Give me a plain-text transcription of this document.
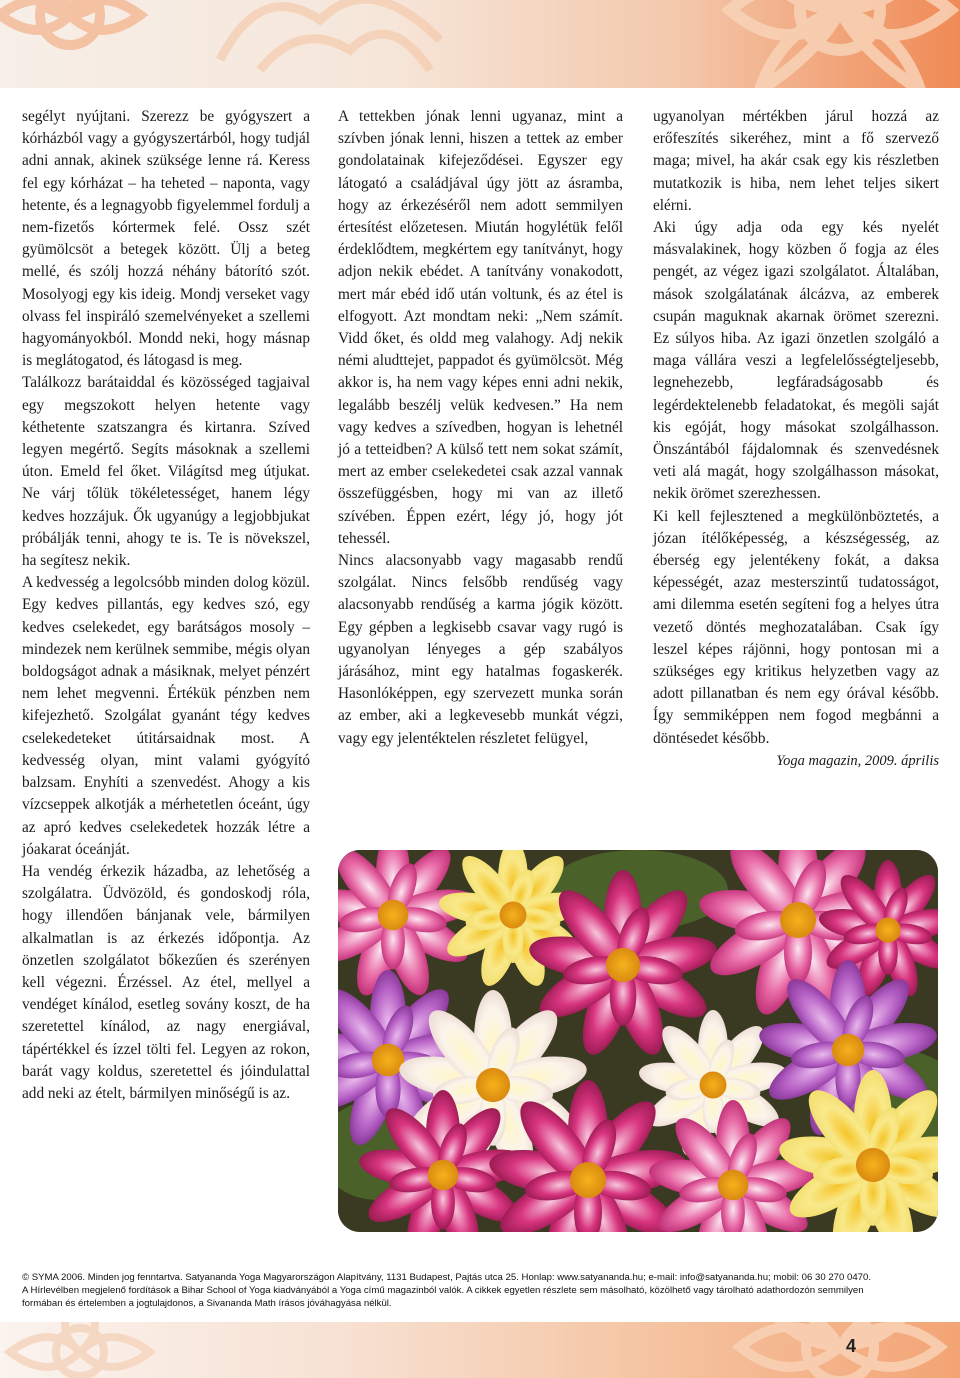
segélyt nyújtani. Szerezz be gyógyszert a kórházból vagy a gyógyszertárból, hogy tudjál adni annak, akinek szüksége lenne rá. Keress fel egy kórházat – ha teheted – naponta, vagy hetente, és a legnagyobb figyelemmel fordulj a nem-fizetős kórtermek felé. Ossz szét gyümölcsöt a betegek között. Ülj a beteg mellé, és szólj hozzá néhány bátorító szót. Mosolyogj egy kis ideig. Mondj verseket vagy olvass fel inspiráló szemelvényeket a szellemi hagyományokból. Mondd neki, hogy másnap is meglátogatod, és látogasd is meg.

Találkozz barátaiddal és közösséged tagjaival egy megszokott helyen hetente vagy kéthetente szatszangra és kirtanra. Szíved legyen megértő. Segíts másoknak a szellemi úton. Emeld fel őket. Világítsd meg útjukat. Ne várj tőlük tökéletességet, hanem légy kedves hozzájuk. Ők ugyanúgy a legjobbjukat próbálják tenni, ahogy te is. Te is növekszel, ha segítesz nekik.

A kedvesség a legolcsóbb minden dolog közül. Egy kedves pillantás, egy kedves szó, egy kedves cselekedet, egy barátságos mosoly – mindezek nem kerülnek semmibe, mégis olyan boldogságot adnak a másiknak, melyet pénzért nem lehet megvenni. Értékük pénzben nem kifejezhető. Szolgálat gyanánt tégy kedves cselekedeteket útitársaidnak most. A kedvesség olyan, mint valami gyógyító balzsam. Enyhíti a szenvedést. Ahogy a kis vízcseppek alkotják a mérhetetlen óceánt, úgy az apró kedves cselekedetek hozzák létre a jóakarat óceánját.

Ha vendég érkezik házadba, az lehetőség a szolgálatra. Üdvözöld, és gondoskodj róla, hogy illendően bánjanak vele, bármilyen alkalmatlan is az érkezés időpontja. Az önzetlen szolgálatot bőkezűen és szerényen kell végezni. Érzéssel. Az étel, mellyel a vendéget kínálod, esetleg sovány koszt, de ha szeretettel kínálod, az nagy energiával, tápértékkel és ízzel tölti fel. Legyen az rokon, barát vagy koldus, szeretettel és jóindulattal add neki az ételt, bármilyen minőségű is az.

A tettekben jónak lenni ugyanaz, mint a szívben jónak lenni, hiszen a tettek az ember gondolatainak kifejeződései. Egyszer egy látogató a családjával úgy jött az ásramba, hogy az érkezéséről nem adott semmilyen értesítést előzetesen. Miután hogylétük felől érdeklődtem, megkértem egy tanítványt, hogy adjon nekik ebédet. A tanítvány vonakodott, mert már ebéd idő után voltunk, és az étel is elfogyott. Azt mondtam neki: „Nem számít. Vidd őket, és oldd meg valahogy. Adj nekik némi aludttejet, pappadot és gyümölcsöt. Még akkor is, ha nem vagy képes enni adni nekik, legalább beszélj velük kedvesen.” Ha nem vagy kedves a szívedben, hogyan is lehetnél jó a tetteidben? A külső tett nem sokat számít, mert az ember cselekedetei csak azzal vannak összefüggésben, hogy mi van az illető szívében. Éppen ezért, légy jó, hogy jót tehessél.

Nincs alacsonyabb vagy magasabb rendű szolgálat. Nincs felsőbb rendűség vagy alacsonyabb rendűség a karma jógik között. Egy gépben a legkisebb csavar vagy rugó is ugyanolyan lényeges a gép szabályos járásához, mint egy hatalmas fogaskerék. Hasonlóképpen, egy szervezett munka során az ember, aki a legkevesebb munkát végzi, vagy egy jelentéktelen részletet felügyel,

ugyanolyan mértékben járul hozzá az erőfeszítés sikeréhez, mint a fő szervező maga; mivel, ha akár csak egy kis részletben mutatkozik is hiba, nem lehet teljes sikert elérni.

Aki úgy adja oda egy kés nyelét másvalakinek, hogy közben ő fogja az éles pengét, az végez igazi szolgálatot. Általában, mások szolgálatának álcázva, az emberek csupán maguknak akarnak örömet szerezni. Ez súlyos hiba. Az igazi önzetlen szolgáló a maga vállára veszi a legfelelősségteljesebb, legnehezebb, legfáradságosabb és legérdektelenebb feladatokat, és megöli saját kis egóját, hogy másokat szolgálhasson. Önszántából fájdalomnak és szenvedésnek veti alá magát, hogy szolgálhasson másokat, nekik örömet szerezhessen.

Ki kell fejlesztened a megkülönböztetés, a józan ítélőképesség, a készségesség, az éberség egy jelentékeny fokát, a daksa képességét, azaz mesterszintű tudatosságot, ami dilemma esetén segíteni fog a helyes útra vezető döntés meghozatalában. Csak így leszel képes rájönni, hogy pontosan mi a szükséges egy kritikus helyzetben vagy az adott pillanatban és nem egy órával később. Így semmiképpen nem fogod megbánni a döntésedet később.

Yoga magazin, 2009. április

© SYMA 2006. Minden jog fenntartva. Satyananda Yoga Magyarországon Alapítvány, 1131 Budapest, Pajtás utca 25. Honlap: www.satyananda.hu; e-mail: info@satyananda.hu; mobil: 06 30 270 0470.

A Hírlevélben megjelenő fordítások a Bihar School of Yoga kiadványából a Yoga című magazinból valók. A cikkek egyetlen részlete sem másolható, közölhető vagy tárolható adathordozón semmilyen

formában és értelemben a jogtulajdonos, a Sivananda Math írásos jóváhagyása nélkül.

4
